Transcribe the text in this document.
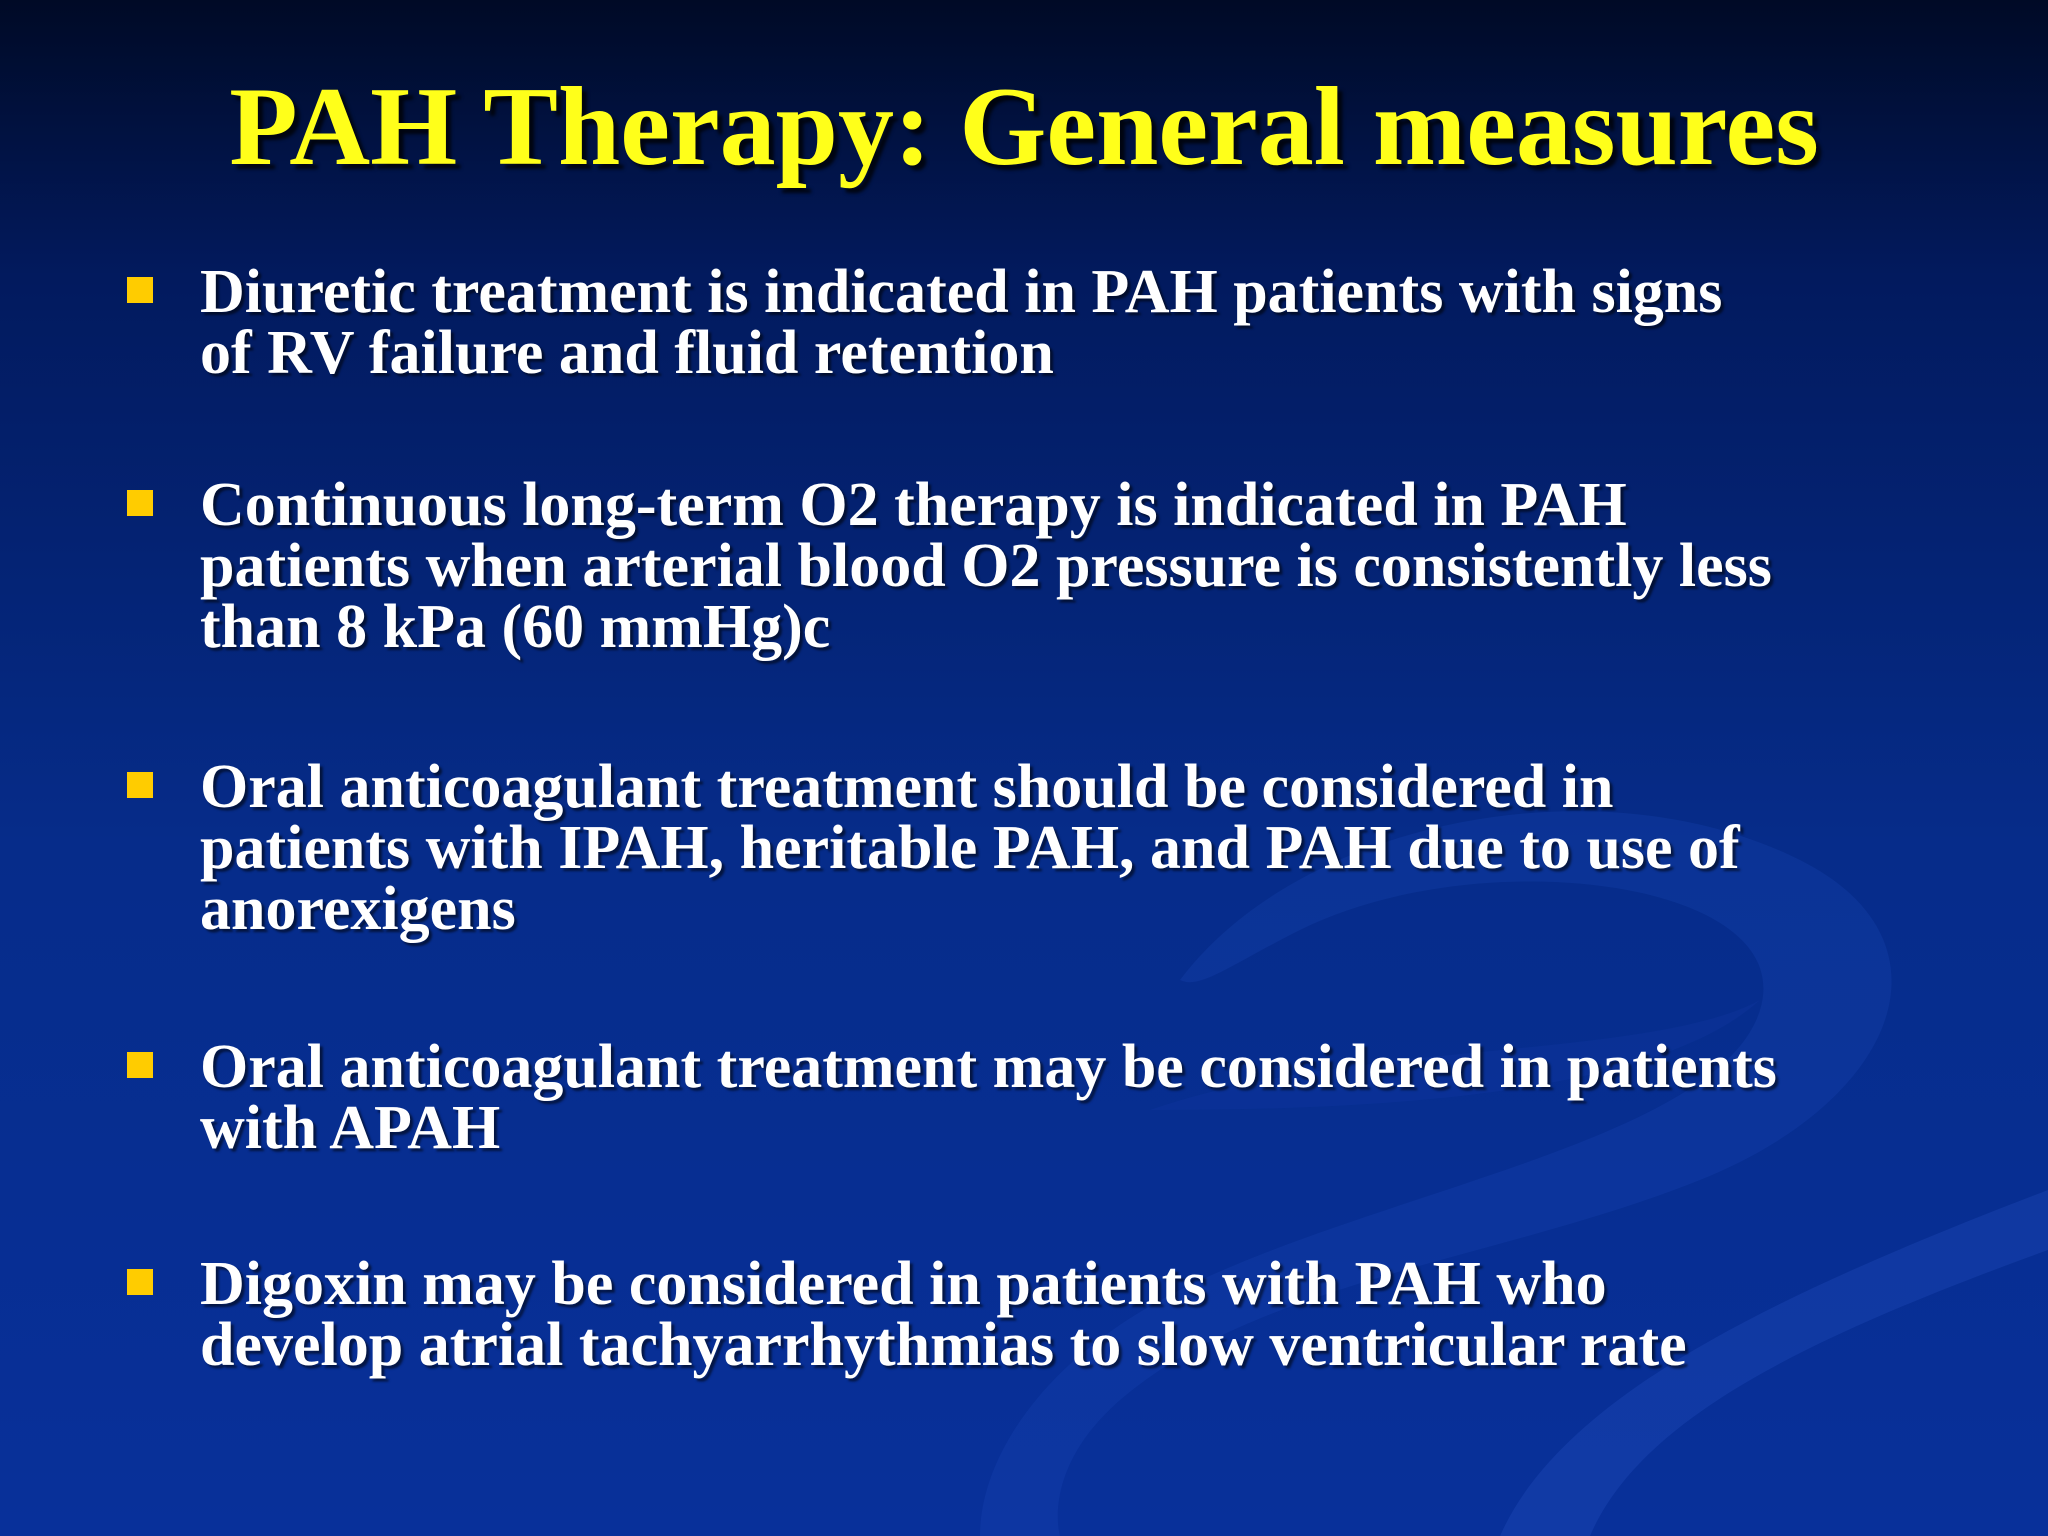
PAH Therapy: General measures
Diuretic treatment is indicated in PAH patients with signs
of RV failure and fluid retention
Continuous long-term O2 therapy is indicated in PAH
patients when arterial blood O2 pressure is consistently less
than 8 kPa (60 mmHg)c
Oral anticoagulant treatment should be considered in
patients with IPAH, heritable PAH, and PAH due to use of
anorexigens
Oral anticoagulant treatment may be considered in patients
with APAH
Digoxin may be considered in patients with PAH who
develop atrial tachyarrhythmias to slow ventricular rate
